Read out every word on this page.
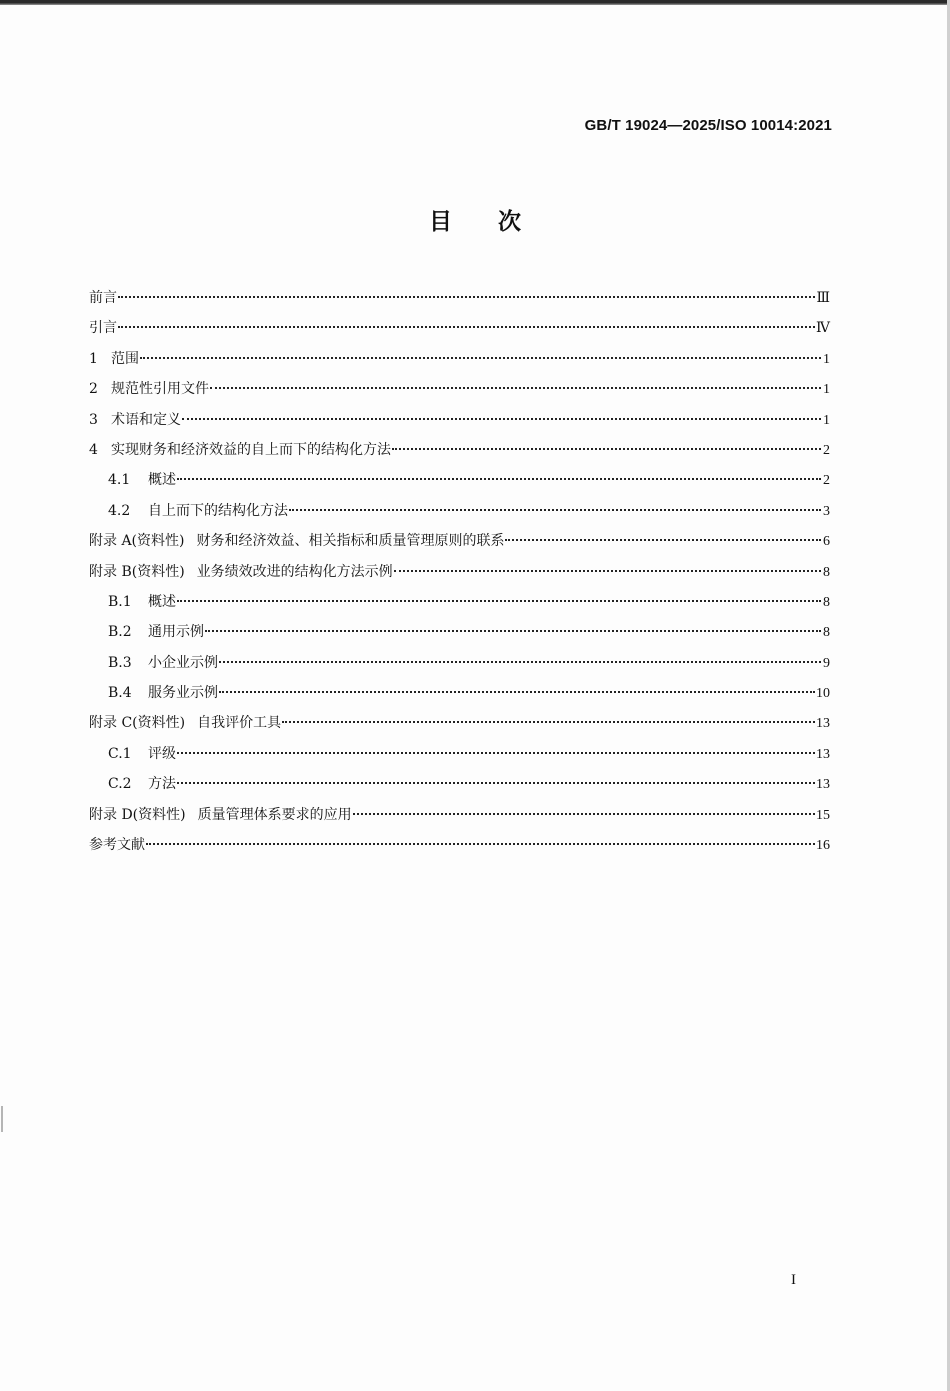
GB/T 19024—2025/ISO 10014:2021
目次
前言	Ⅲ
引言	Ⅳ
1 范围	1
2 规范性引用文件	1
3 术语和定义	1
4 实现财务和经济效益的自上而下的结构化方法	2
4.1 概述	2
4.2 自上而下的结构化方法	3
附录 A(资料性) 财务和经济效益、相关指标和质量管理原则的联系	6
附录 B(资料性) 业务绩效改进的结构化方法示例	8
B.1 概述	8
B.2 通用示例	8
B.3 小企业示例	9
B.4 服务业示例	10
附录 C(资料性) 自我评价工具	13
C.1 评级	13
C.2 方法	13
附录 D(资料性) 质量管理体系要求的应用	15
参考文献	16
I
